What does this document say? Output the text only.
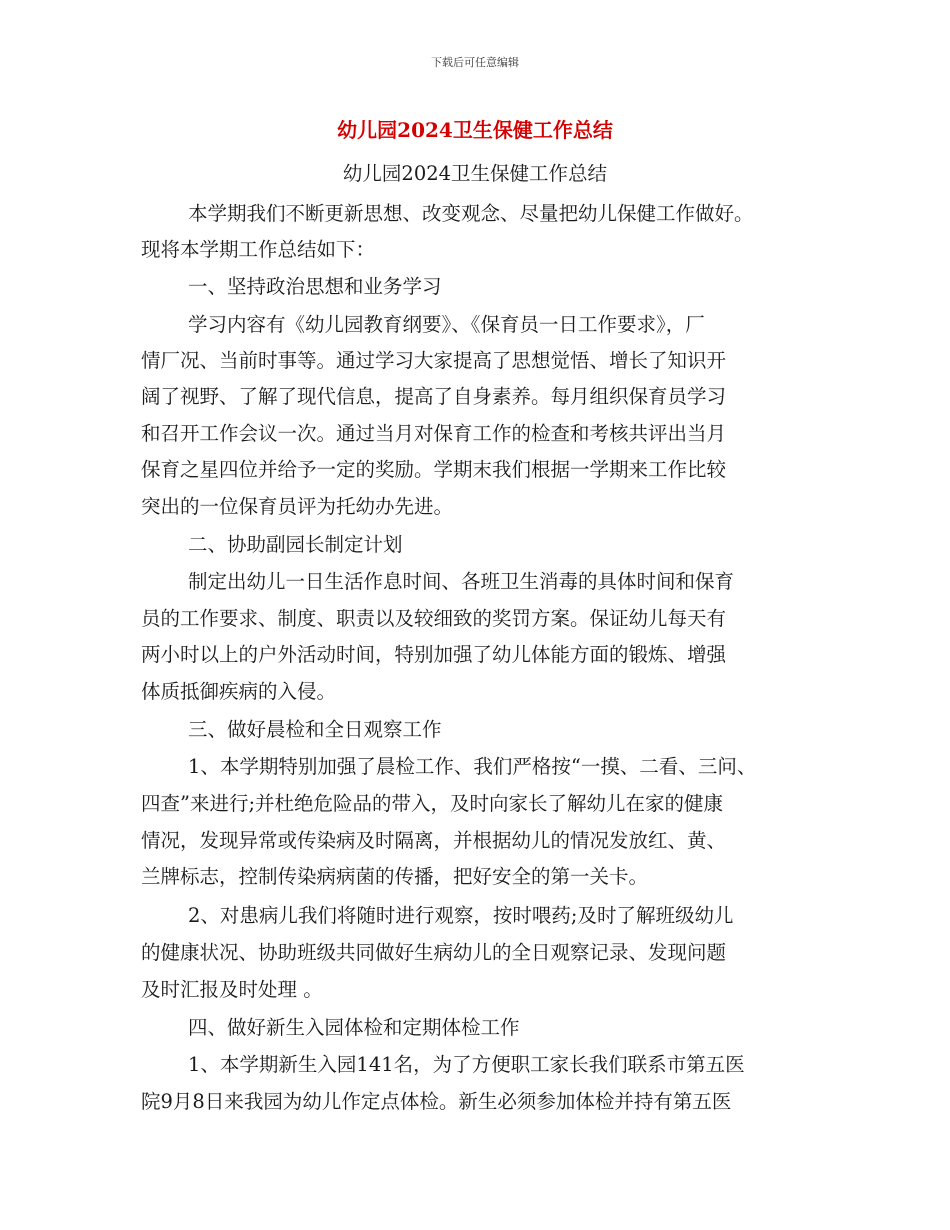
下载后可任意编辑
幼儿园2024卫生保健工作总结
幼儿园2024卫生保健工作总结
本学期我们不断更新思想、改变观念、尽量把幼儿保健工作做好。
现将本学期工作总结如下：
一、坚持政治思想和业务学习
学习内容有《幼儿园教育纲要》、《保育员一日工作要求》，厂
情厂况、当前时事等。通过学习大家提高了思想觉悟、增长了知识开
阔了视野、了解了现代信息，提高了自身素养。每月组织保育员学习
和召开工作会议一次。通过当月对保育工作的检查和考核共评出当月
保育之星四位并给予一定的奖励。学期末我们根据一学期来工作比较
突出的一位保育员评为托幼办先进。
二、协助副园长制定计划
制定出幼儿一日生活作息时间、各班卫生消毒的具体时间和保育
员的工作要求、制度、职责以及较细致的奖罚方案。保证幼儿每天有
两小时以上的户外活动时间，特别加强了幼儿体能方面的锻炼、增强
体质抵御疾病的入侵。
三、做好晨检和全日观察工作
1、本学期特别加强了晨检工作、我们严格按“一摸、二看、三问、
四查”来进行;并杜绝危险品的带入，及时向家长了解幼儿在家的健康
情况，发现异常或传染病及时隔离，并根据幼儿的情况发放红、黄、
兰牌标志，控制传染病病菌的传播，把好安全的第一关卡。
2、对患病儿我们将随时进行观察，按时喂药;及时了解班级幼儿
的健康状况、协助班级共同做好生病幼儿的全日观察记录、发现问题
及时汇报及时处理 。
四、做好新生入园体检和定期体检工作
1、本学期新生入园141名，为了方便职工家长我们联系市第五医
院9月8日来我园为幼儿作定点体检。新生必须参加体检并持有第五医
